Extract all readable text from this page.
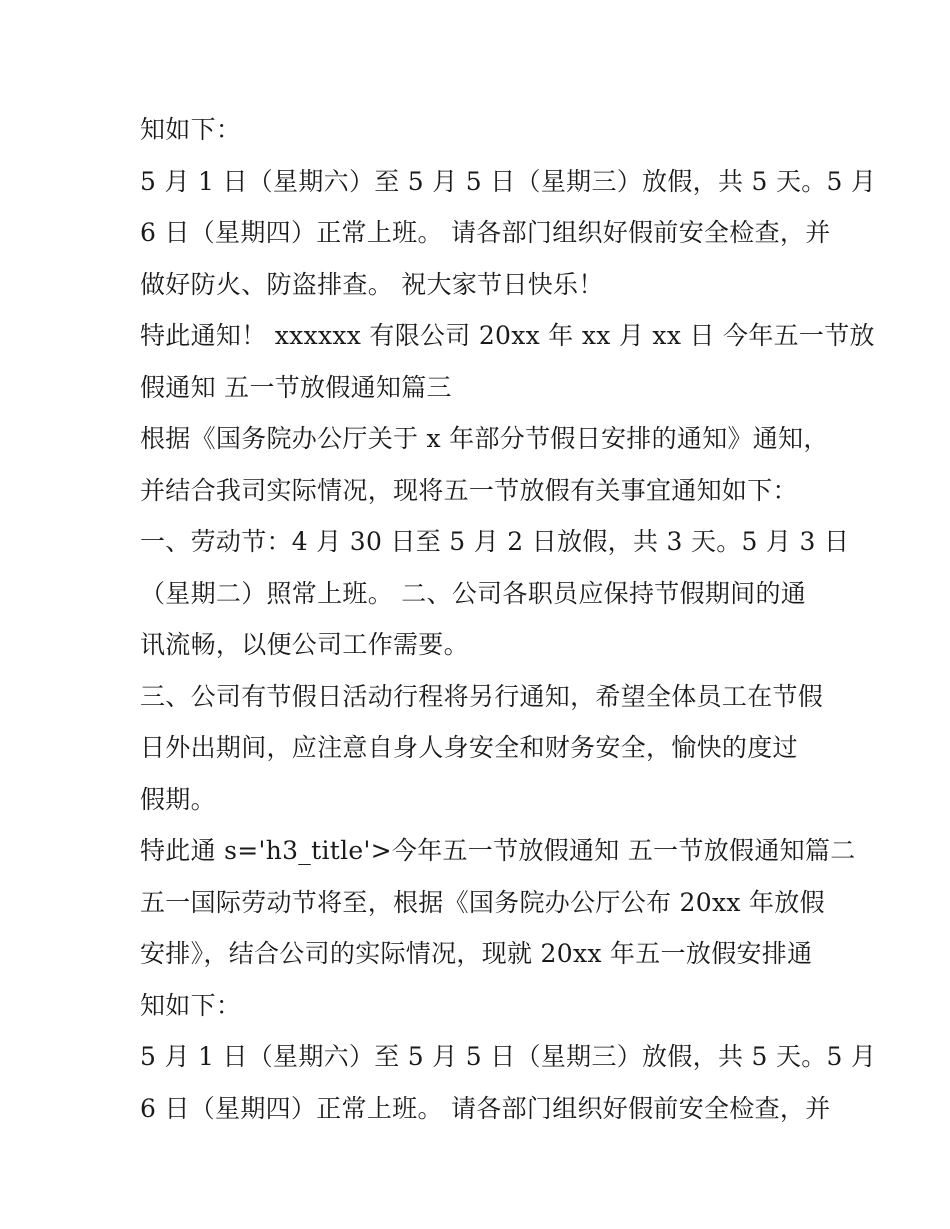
知如下：
5 月 1 日（星期六）至 5 月 5 日（星期三）放假，共 5 天。5 月
6 日（星期四）正常上班。 请各部门组织好假前安全检查，并
做好防火、防盗排查。 祝大家节日快乐！
特此通知！ xxxxxx 有限公司 20xx 年 xx 月 xx 日 今年五一节放
假通知 五一节放假通知篇三
根据《国务院办公厅关于 x 年部分节假日安排的通知》通知，
并结合我司实际情况，现将五一节放假有关事宜通知如下：
一、劳动节：4 月 30 日至 5 月 2 日放假，共 3 天。5 月 3 日
（星期二）照常上班。 二、公司各职员应保持节假期间的通
讯流畅，以便公司工作需要。
三、公司有节假日活动行程将另行通知，希望全体员工在节假
日外出期间，应注意自身人身安全和财务安全，愉快的度过
假期。
特此通 s='h3_title'>今年五一节放假通知 五一节放假通知篇二
五一国际劳动节将至，根据《国务院办公厅公布 20xx 年放假
安排》，结合公司的实际情况，现就 20xx 年五一放假安排通
知如下：
5 月 1 日（星期六）至 5 月 5 日（星期三）放假，共 5 天。5 月
6 日（星期四）正常上班。 请各部门组织好假前安全检查，并
